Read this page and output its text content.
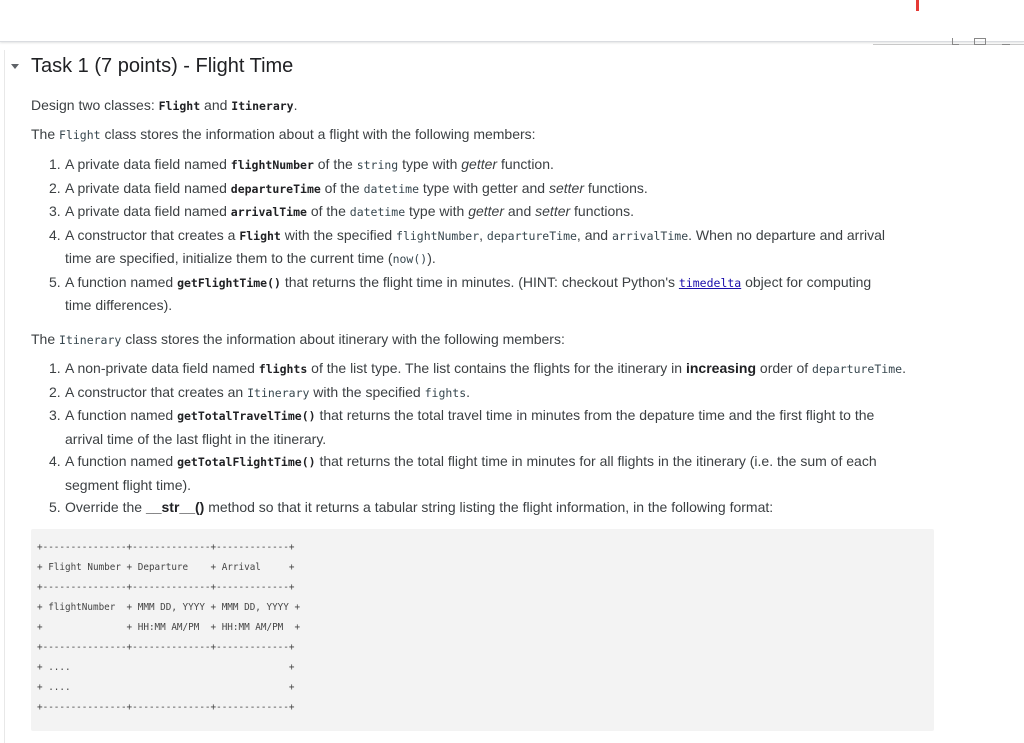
Task 1 (7 points) - Flight Time

Design two classes: Flight and Itinerary.

The Flight class stores the information about a flight with the following members:

1. A private data field named flightNumber of the string type with getter function.
2. A private data field named departureTime of the datetime type with getter and setter functions.
3. A private data field named arrivalTime of the datetime type with getter and setter functions.
4. A constructor that creates a Flight with the specified flightNumber, departureTime, and arrivalTime. When no departure and arrival
time are specified, initialize them to the current time (now()).
5. A function named getFlightTime() that returns the flight time in minutes. (HINT: checkout Python's timedelta object for computing
time differences).

The Itinerary class stores the information about itinerary with the following members:

1. A non-private data field named flights of the list type. The list contains the flights for the itinerary in increasing order of departureTime.
2. A constructor that creates an Itinerary with the specified fights.
3. A function named getTotalTravelTime() that returns the total travel time in minutes from the depature time and the first flight to the
arrival time of the last flight in the itinerary.
4. A function named getTotalFlightTime() that returns the total flight time in minutes for all flights in the itinerary (i.e. the sum of each
segment flight time).
5. Override the __str__() method so that it returns a tabular string listing the flight information, in the following format:
+---------------+--------------+-------------+
+ Flight Number + Departure    + Arrival     +
+---------------+--------------+-------------+
+ flightNumber  + MMM DD, YYYY + MMM DD, YYYY +
+               + HH:MM AM/PM  + HH:MM AM/PM  +
+---------------+--------------+-------------+
+ ....                                       +
+ ....                                       +
+---------------+--------------+-------------+
